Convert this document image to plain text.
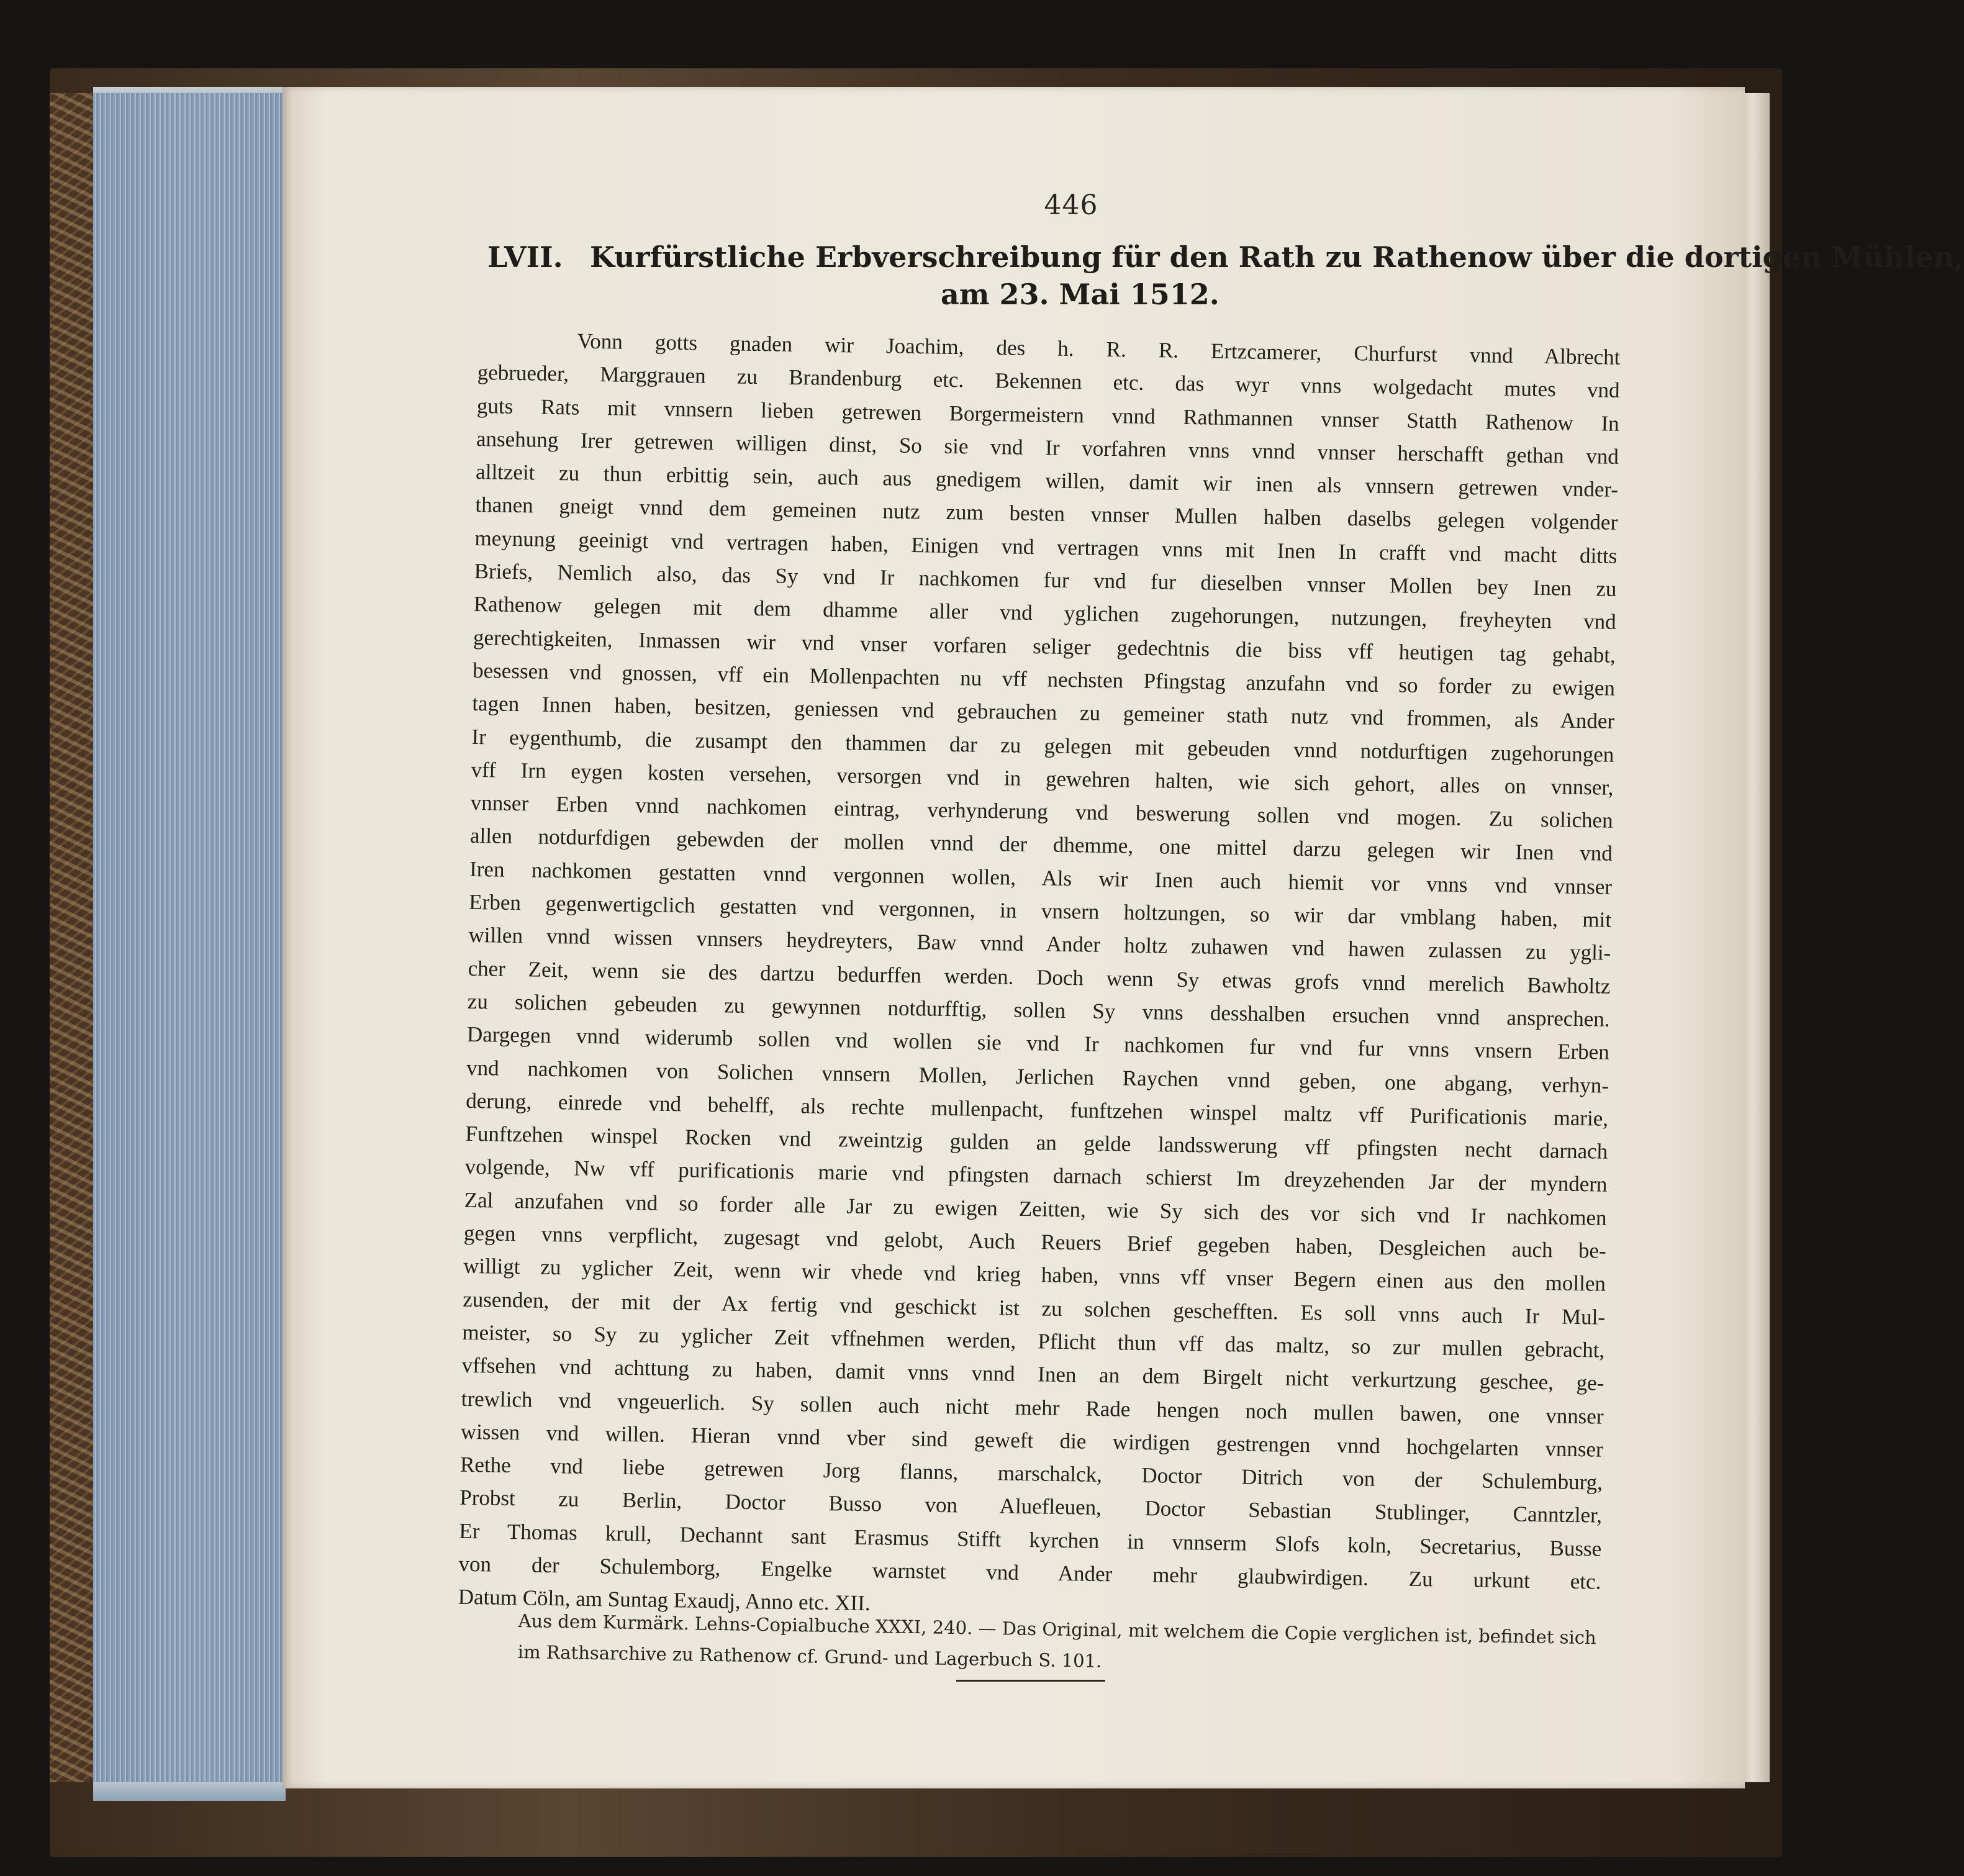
446
LVII. Kurfürstliche Erbverschreibung für den Rath zu Rathenow über die dortigen Mühlen,
am 23. Mai 1512.
Vonn gotts gnaden wir Joachim, des h. R. R. Ertzcamerer, Churfurst vnnd Albrecht
gebrueder, Marggrauen zu Brandenburg etc. Bekennen etc. das wyr vnns wolgedacht mutes vnd
guts Rats mit vnnsern lieben getrewen Borgermeistern vnnd Rathmannen vnnser Statth Rathenow In
ansehung Irer getrewen willigen dinst, So sie vnd Ir vorfahren vnns vnnd vnnser herschafft gethan vnd
alltzeit zu thun erbittig sein, auch aus gnedigem willen, damit wir inen als vnnsern getrewen vnder-
thanen gneigt vnnd dem gemeinen nutz zum besten vnnser Mullen halben daselbs gelegen volgender
meynung geeinigt vnd vertragen haben, Einigen vnd vertragen vnns mit Inen In crafft vnd macht ditts
Briefs, Nemlich also, das Sy vnd Ir nachkomen fur vnd fur dieselben vnnser Mollen bey Inen zu
Rathenow gelegen mit dem dhamme aller vnd yglichen zugehorungen, nutzungen, freyheyten vnd
gerechtigkeiten, Inmassen wir vnd vnser vorfaren seliger gedechtnis die biss vff heutigen tag gehabt,
besessen vnd gnossen, vff ein Mollenpachten nu vff nechsten Pfingstag anzufahn vnd so forder zu ewigen
tagen Innen haben, besitzen, geniessen vnd gebrauchen zu gemeiner stath nutz vnd frommen, als Ander
Ir eygenthumb, die zusampt den thammen dar zu gelegen mit gebeuden vnnd notdurftigen zugehorungen
vff Irn eygen kosten versehen, versorgen vnd in gewehren halten, wie sich gehort, alles on vnnser,
vnnser Erben vnnd nachkomen eintrag, verhynderung vnd beswerung sollen vnd mogen. Zu solichen
allen notdurfdigen gebewden der mollen vnnd der dhemme, one mittel darzu gelegen wir Inen vnd
Iren nachkomen gestatten vnnd vergonnen wollen, Als wir Inen auch hiemit vor vnns vnd vnnser
Erben gegenwertigclich gestatten vnd vergonnen, in vnsern holtzungen, so wir dar vmblang haben, mit
willen vnnd wissen vnnsers heydreyters, Baw vnnd Ander holtz zuhawen vnd hawen zulassen zu ygli-
cher Zeit, wenn sie des dartzu bedurffen werden. Doch wenn Sy etwas grofs vnnd merelich Bawholtz
zu solichen gebeuden zu gewynnen notdurfftig, sollen Sy vnns desshalben ersuchen vnnd ansprechen.
Dargegen vnnd widerumb sollen vnd wollen sie vnd Ir nachkomen fur vnd fur vnns vnsern Erben
vnd nachkomen von Solichen vnnsern Mollen, Jerlichen Raychen vnnd geben, one abgang, verhyn-
derung, einrede vnd behelff, als rechte mullenpacht, funftzehen winspel maltz vff Purificationis marie,
Funftzehen winspel Rocken vnd zweintzig gulden an gelde landsswerung vff pfingsten necht darnach
volgende, Nw vff purificationis marie vnd pfingsten darnach schierst Im dreyzehenden Jar der myndern
Zal anzufahen vnd so forder alle Jar zu ewigen Zeitten, wie Sy sich des vor sich vnd Ir nachkomen
gegen vnns verpflicht, zugesagt vnd gelobt, Auch Reuers Brief gegeben haben, Desgleichen auch be-
willigt zu yglicher Zeit, wenn wir vhede vnd krieg haben, vnns vff vnser Begern einen aus den mollen
zusenden, der mit der Ax fertig vnd geschickt ist zu solchen geschefften. Es soll vnns auch Ir Mul-
meister, so Sy zu yglicher Zeit vffnehmen werden, Pflicht thun vff das maltz, so zur mullen gebracht,
vffsehen vnd achttung zu haben, damit vnns vnnd Inen an dem Birgelt nicht verkurtzung geschee, ge-
trewlich vnd vngeuerlich. Sy sollen auch nicht mehr Rade hengen noch mullen bawen, one vnnser
wissen vnd willen. Hieran vnnd vber sind geweft die wirdigen gestrengen vnnd hochgelarten vnnser
Rethe vnd liebe getrewen Jorg flanns, marschalck, Doctor Ditrich von der Schulemburg,
Probst zu Berlin, Doctor Busso von Aluefleuen, Doctor Sebastian Stublinger, Canntzler,
Er Thomas krull, Dechannt sant Erasmus Stifft kyrchen in vnnserm Slofs koln, Secretarius, Busse
von der Schulemborg, Engelke warnstet vnd Ander mehr glaubwirdigen. Zu urkunt etc.
Datum Cöln, am Suntag Exaudj, Anno etc. XII.
Aus dem Kurmärk. Lehns-Copialbuche XXXI, 240. — Das Original, mit welchem die Copie verglichen ist, befindet sich
im Rathsarchive zu Rathenow cf. Grund- und Lagerbuch S. 101.
